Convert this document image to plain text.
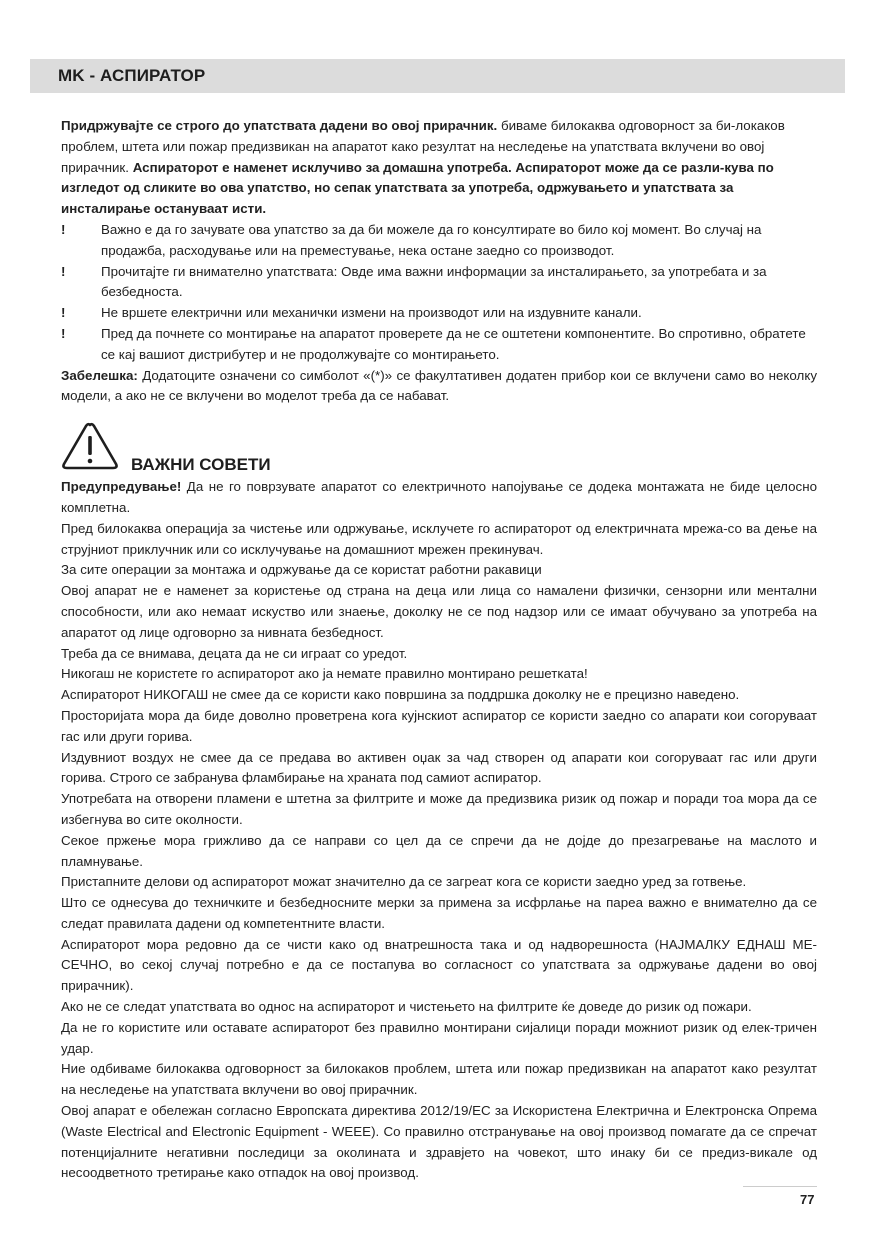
MK - АСПИРАТОР

Придржувајте се строго до упатствата дадени во овој прирачник. биваме билокаква одговорност за би-локаков проблем, штета или пожар предизвикан на апаратот како резултат на неследење на упатствата вклучени во овој прирачник. Аспираторот е наменет исклучиво за домашна употреба. Аспираторот може да се разли-кува по изгледот од сликите во ова упатство, но сепак упатствата за употреба, одржувањето и упатствата за инсталирање остануваат исти.

!	Важно е да го зачувате ова упатство за да би можеле да го консултирате во било кој момент. Во случај на продажба, расходување или на преместување, нека остане заедно со производот.
!	Прочитајте ги внимателно упатствата: Овде има важни информации за инсталирањето, за употребата и за безбедноста.
!	Не вршете електрични или механички измени на производот или на издувните канали.
!	Пред да почнете со монтирање на апаратот проверете да не се оштетени компонентите. Во спротивно, обратете се кај вашиот дистрибутер и не продолжувајте со монтирањето.

Забелешка: Додатоците означени со симболот «(*)» се факултативен додатен прибор кои се вклучени само во неколку модели, а ако не се вклучени во моделот треба да се набават.

ВАЖНИ СОВЕТИ

Предупредување! Да не го поврзувате апаратот со електричното напојување се додека монтажата не биде целосно комплетна.

Пред билокаква операција за чистење или одржување, исклучете го аспираторот од електричната мрежа-со ва дење на струјниот приклучник или со исклучување на домашниот мрежен прекинувач.

За сите операции за монтажа и одржување да се користат работни ракавици

Овој апарат не е наменет за користење од страна на деца или лица со намалени физички, сензорни или ментални способности, или ако немаат искуство или знаење, доколку не се под надзор или се имаат обучувано за употреба на апаратот од лице одговорно за нивната безбедност.

Треба да се внимава, децата да не си играат со уредот.

Никогаш не користете го аспираторот ако ја немате правилно монтирано решетката!

Аспираторот НИКОГАШ не смее да се користи како површина за поддршка доколку не е прецизно наведено.

Просторијата мора да биде доволно проветрена кога кујнскиот аспиратор се користи заедно со апарати кои согоруваат гас или други горива.

Издувниот воздух не смее да се предава во активен оџак за чад створен од апарати кои согоруваат гас или други горива. Строго се забранува фламбирање на храната под самиот аспиратор.

Употребата на отворени пламени е штетна за филтрите и може да предизвика ризик од пожар и поради тоа мора да се избегнува во сите околности.

Секое пржење мора грижливо да се направи со цел да се спречи да не дојде до презагревање на маслото и пламнување.

Пристапните делови од аспираторот можат значително да се загреат кога се користи заедно уред за готвење.

Што се однесува до техничките и безбедносните мерки за примена за исфрлање на пареа важно е внимателно да се следат правилата дадени од компетентните власти.

Аспираторот мора редовно да се чисти како од внатрешноста така и од надворешноста (НАЈМАЛКУ ЕДНАШ МЕ-СЕЧНО, во секој случај потребно е да се постапува во согласност со упатствата за одржување дадени во овој прирачник).

Ако не се следат упатствата во однос на аспираторот и чистењето на филтрите ќе доведе до ризик од пожари.

Да не го користите или оставате аспираторот без правилно монтирани сијалици поради можниот ризик од елек-тричен удар.

Ние одбиваме билокаква одговорност за билокаков проблем, штета или пожар предизвикан на апаратот како резултат на неследење на упатствата вклучени во овој прирачник.

Овој апарат е обележан согласно Европската директива 2012/19/ЕС за Искористена Електрична и Електронска Опрема (Waste Electrical and Electronic Equipment - WEEE). Со правилно отстранување на овој производ помагате да се спречат потенцијалните негативни последици за околината и здравјето на човекот, што инаку би се предиз-викале од несоодветното третирање како отпадок на овој производ.

77
